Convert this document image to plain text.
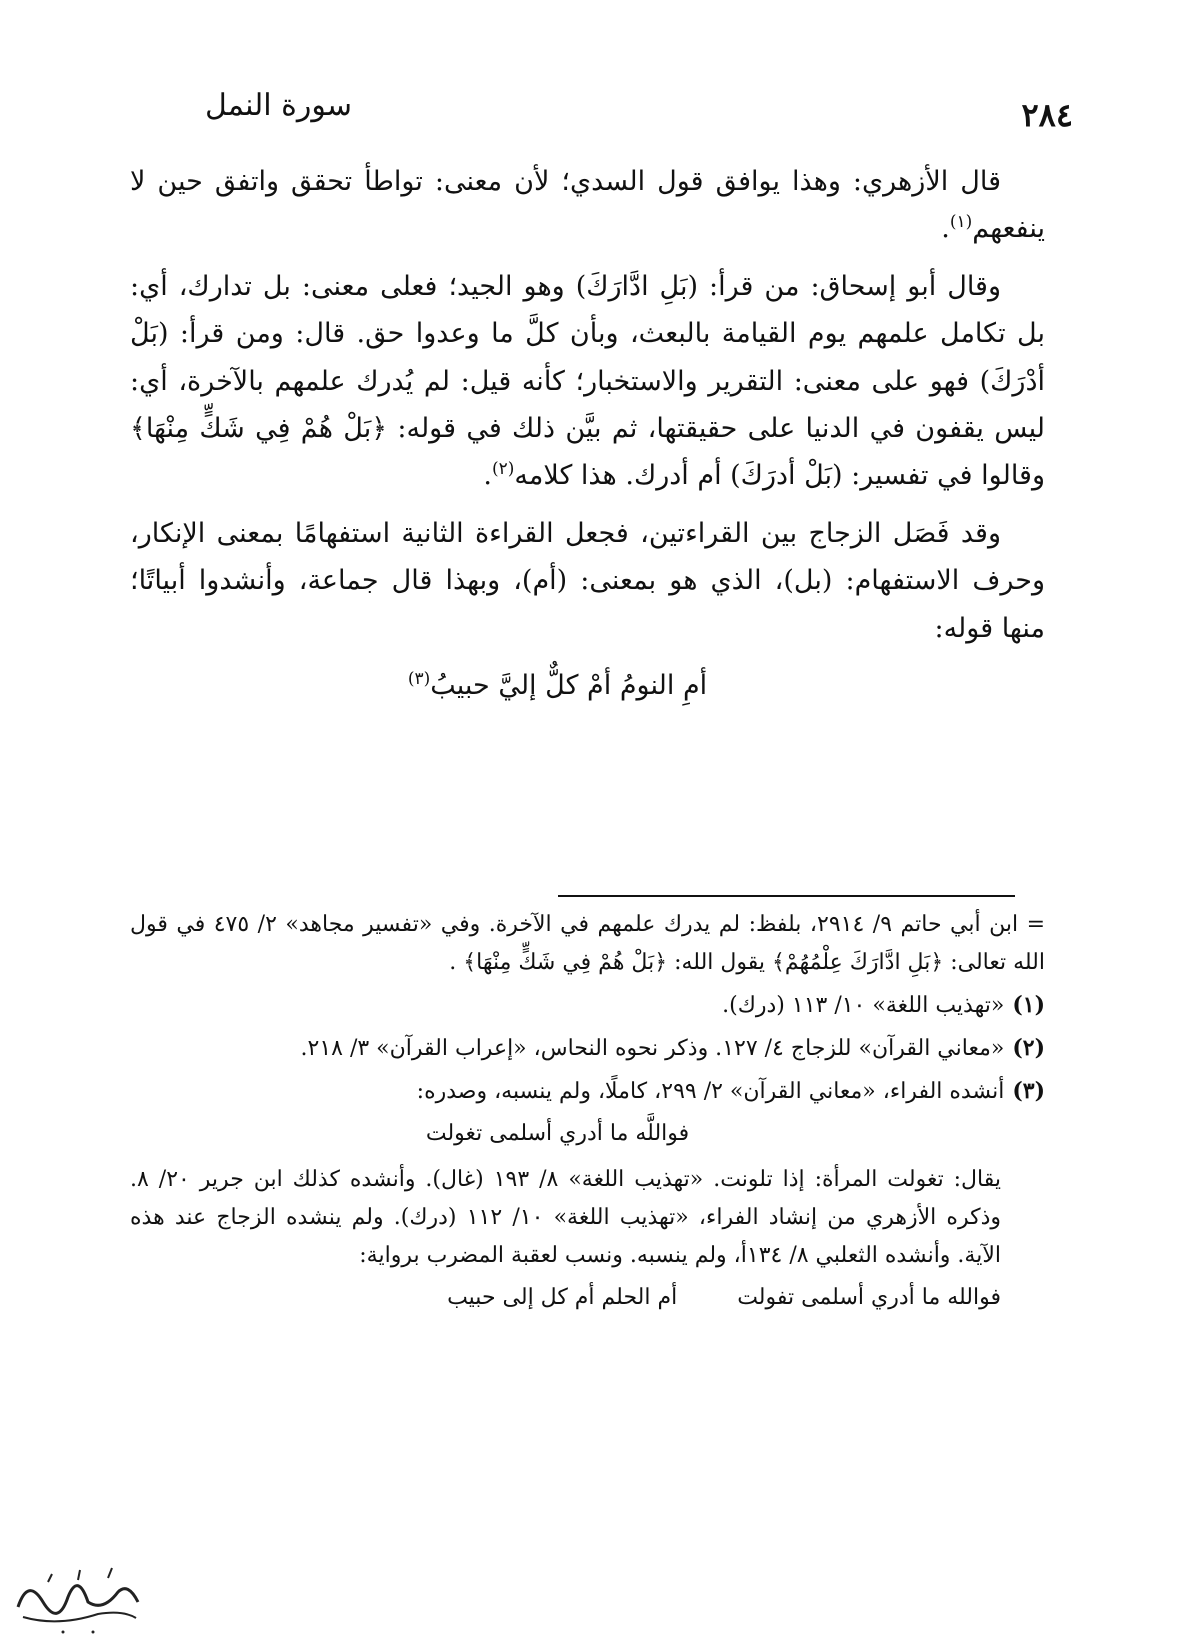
٢٨٤
سورة النمل

قال الأزهري: وهذا يوافق قول السدي؛ لأن معنى: تواطأ تحقق واتفق حين لا ينفعهم$^{(١)}$.

وقال أبو إسحاق: من قرأ: (بَلِ ادَّارَكَ) وهو الجيد؛ فعلى معنى: بل تدارك، أي: بل تكامل علمهم يوم القيامة بالبعث، وبأن كلَّ ما وعدوا حق. قال: ومن قرأ: (بَلْ أدْرَكَ) فهو على معنى: التقرير والاستخبار؛ كأنه قيل: لم يُدرك علمهم بالآخرة، أي: ليس يقفون في الدنيا على حقيقتها، ثم بيَّن ذلك في قوله: ﴿بَلْ هُمْ فِي شَكٍّ مِنْهَا﴾ وقالوا في تفسير: (بَلْ أدرَكَ) أم أدرك. هذا كلامه$^{(٢)}$.

وقد فَصَل الزجاج بين القراءتين، فجعل القراءة الثانية استفهامًا بمعنى الإنكار، وحرف الاستفهام: (بل)، الذي هو بمعنى: (أم)، وبهذا قال جماعة، وأنشدوا أبياتًا؛ منها قوله:

أمِ النومُ أمْ كلٌّ إليَّ حبيبُ$^{(٣)}$

= ابن أبي حاتم ٩/ ٢٩١٤، بلفظ: لم يدرك علمهم في الآخرة. وفي «تفسير مجاهد» ٢/ ٤٧٥ في قول الله تعالى: ﴿بَلِ ادَّارَكَ عِلْمُهُمْ﴾ يقول الله: ﴿بَلْ هُمْ فِي شَكٍّ مِنْهَا﴾ .

(١)«تهذيب اللغة» ١٠/ ١١٣ (درك).

(٢)«معاني القرآن» للزجاج ٤/ ١٢٧. وذكر نحوه النحاس، «إعراب القرآن» ٣/ ٢١٨.

(٣)أنشده الفراء، «معاني القرآن» ٢/ ٢٩٩، كاملًا، ولم ينسبه، وصدره:

فواللَّه ما أدري أسلمى تغولت

يقال: تغولت المرأة: إذا تلونت. «تهذيب اللغة» ٨/ ١٩٣ (غال). وأنشده كذلك ابن جرير ٢٠/ ٨. وذكره الأزهري من إنشاد الفراء، «تهذيب اللغة» ١٠/ ١١٢ (درك). ولم ينشده الزجاج عند هذه الآية. وأنشده الثعلبي ٨/ ١٣٤أ، ولم ينسبه. ونسب لعقبة المضرب برواية:

فوالله ما أدري أسلمى تفولت
أم الحلم أم كل إلى حبيب
